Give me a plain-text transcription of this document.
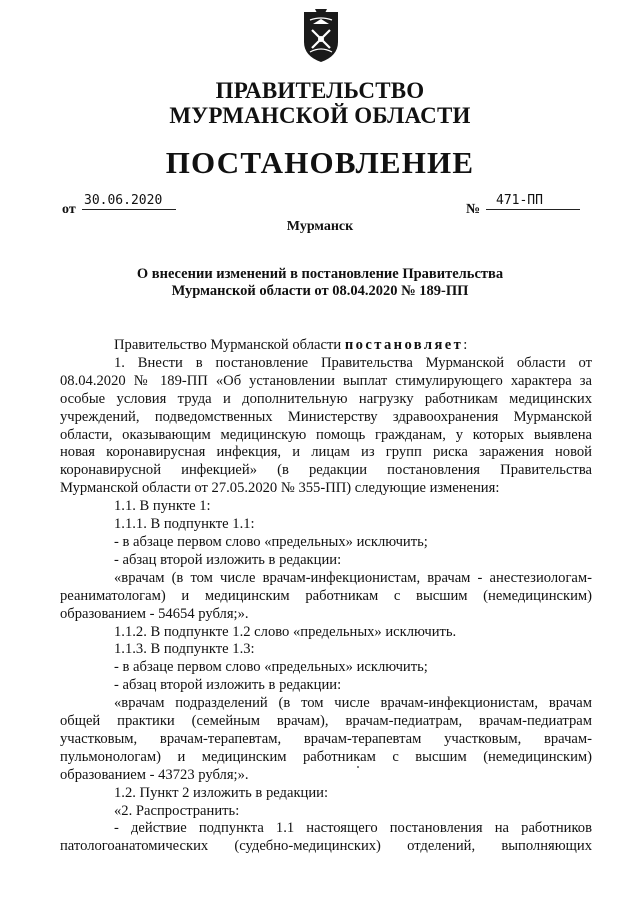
ПРАВИТЕЛЬСТВО
МУРМАНСКОЙ ОБЛАСТИ
ПОСТАНОВЛЕНИЕ
от
30.06.2020
№
471-ПП
Мурманск
О внесении изменений в постановление Правительства
Мурманской области от 08.04.2020 № 189-ПП

Правительство Мурманской области постановляет:

1. Внести в постановление Правительства Мурманской области от

08.04.2020 № 189-ПП «Об установлении выплат стимулирующего характера за

особые условия труда и дополнительную нагрузку работникам медицинских

учреждений, подведомственных Министерству здравоохранения Мурманской

области, оказывающим медицинскую помощь гражданам, у которых выявлена

новая коронавирусная инфекция, и лицам из групп риска заражения новой

коронавирусной инфекцией» (в редакции постановления Правительства

Мурманской области от 27.05.2020 № 355-ПП) следующие изменения:

1.1. В пункте 1:

1.1.1. В подпункте 1.1:

- в абзаце первом слово «предельных» исключить;

- абзац второй изложить в редакции:

«врачам (в том числе врачам-инфекционистам, врачам - анестезиологам-

реаниматологам) и медицинским работникам с высшим (немедицинским)

образованием - 54654 рубля;».

1.1.2. В подпункте 1.2 слово «предельных» исключить.

1.1.3. В подпункте 1.3:

- в абзаце первом слово «предельных» исключить;

- абзац второй изложить в редакции:

«врачам подразделений (в том числе врачам-инфекционистам, врачам

общей практики (семейным врачам), врачам-педиатрам, врачам-педиатрам

участковым, врачам-терапевтам, врачам-терапевтам участковым, врачам-

пульмонологам) и медицинским работникам с высшим (немедицинским)

образованием - 43723 рубля;».

1.2. Пункт 2 изложить в редакции:

«2. Распространить:

- действие подпункта 1.1 настоящего постановления на работников

патологоанатомических (судебно-медицинских) отделений, выполняющих
